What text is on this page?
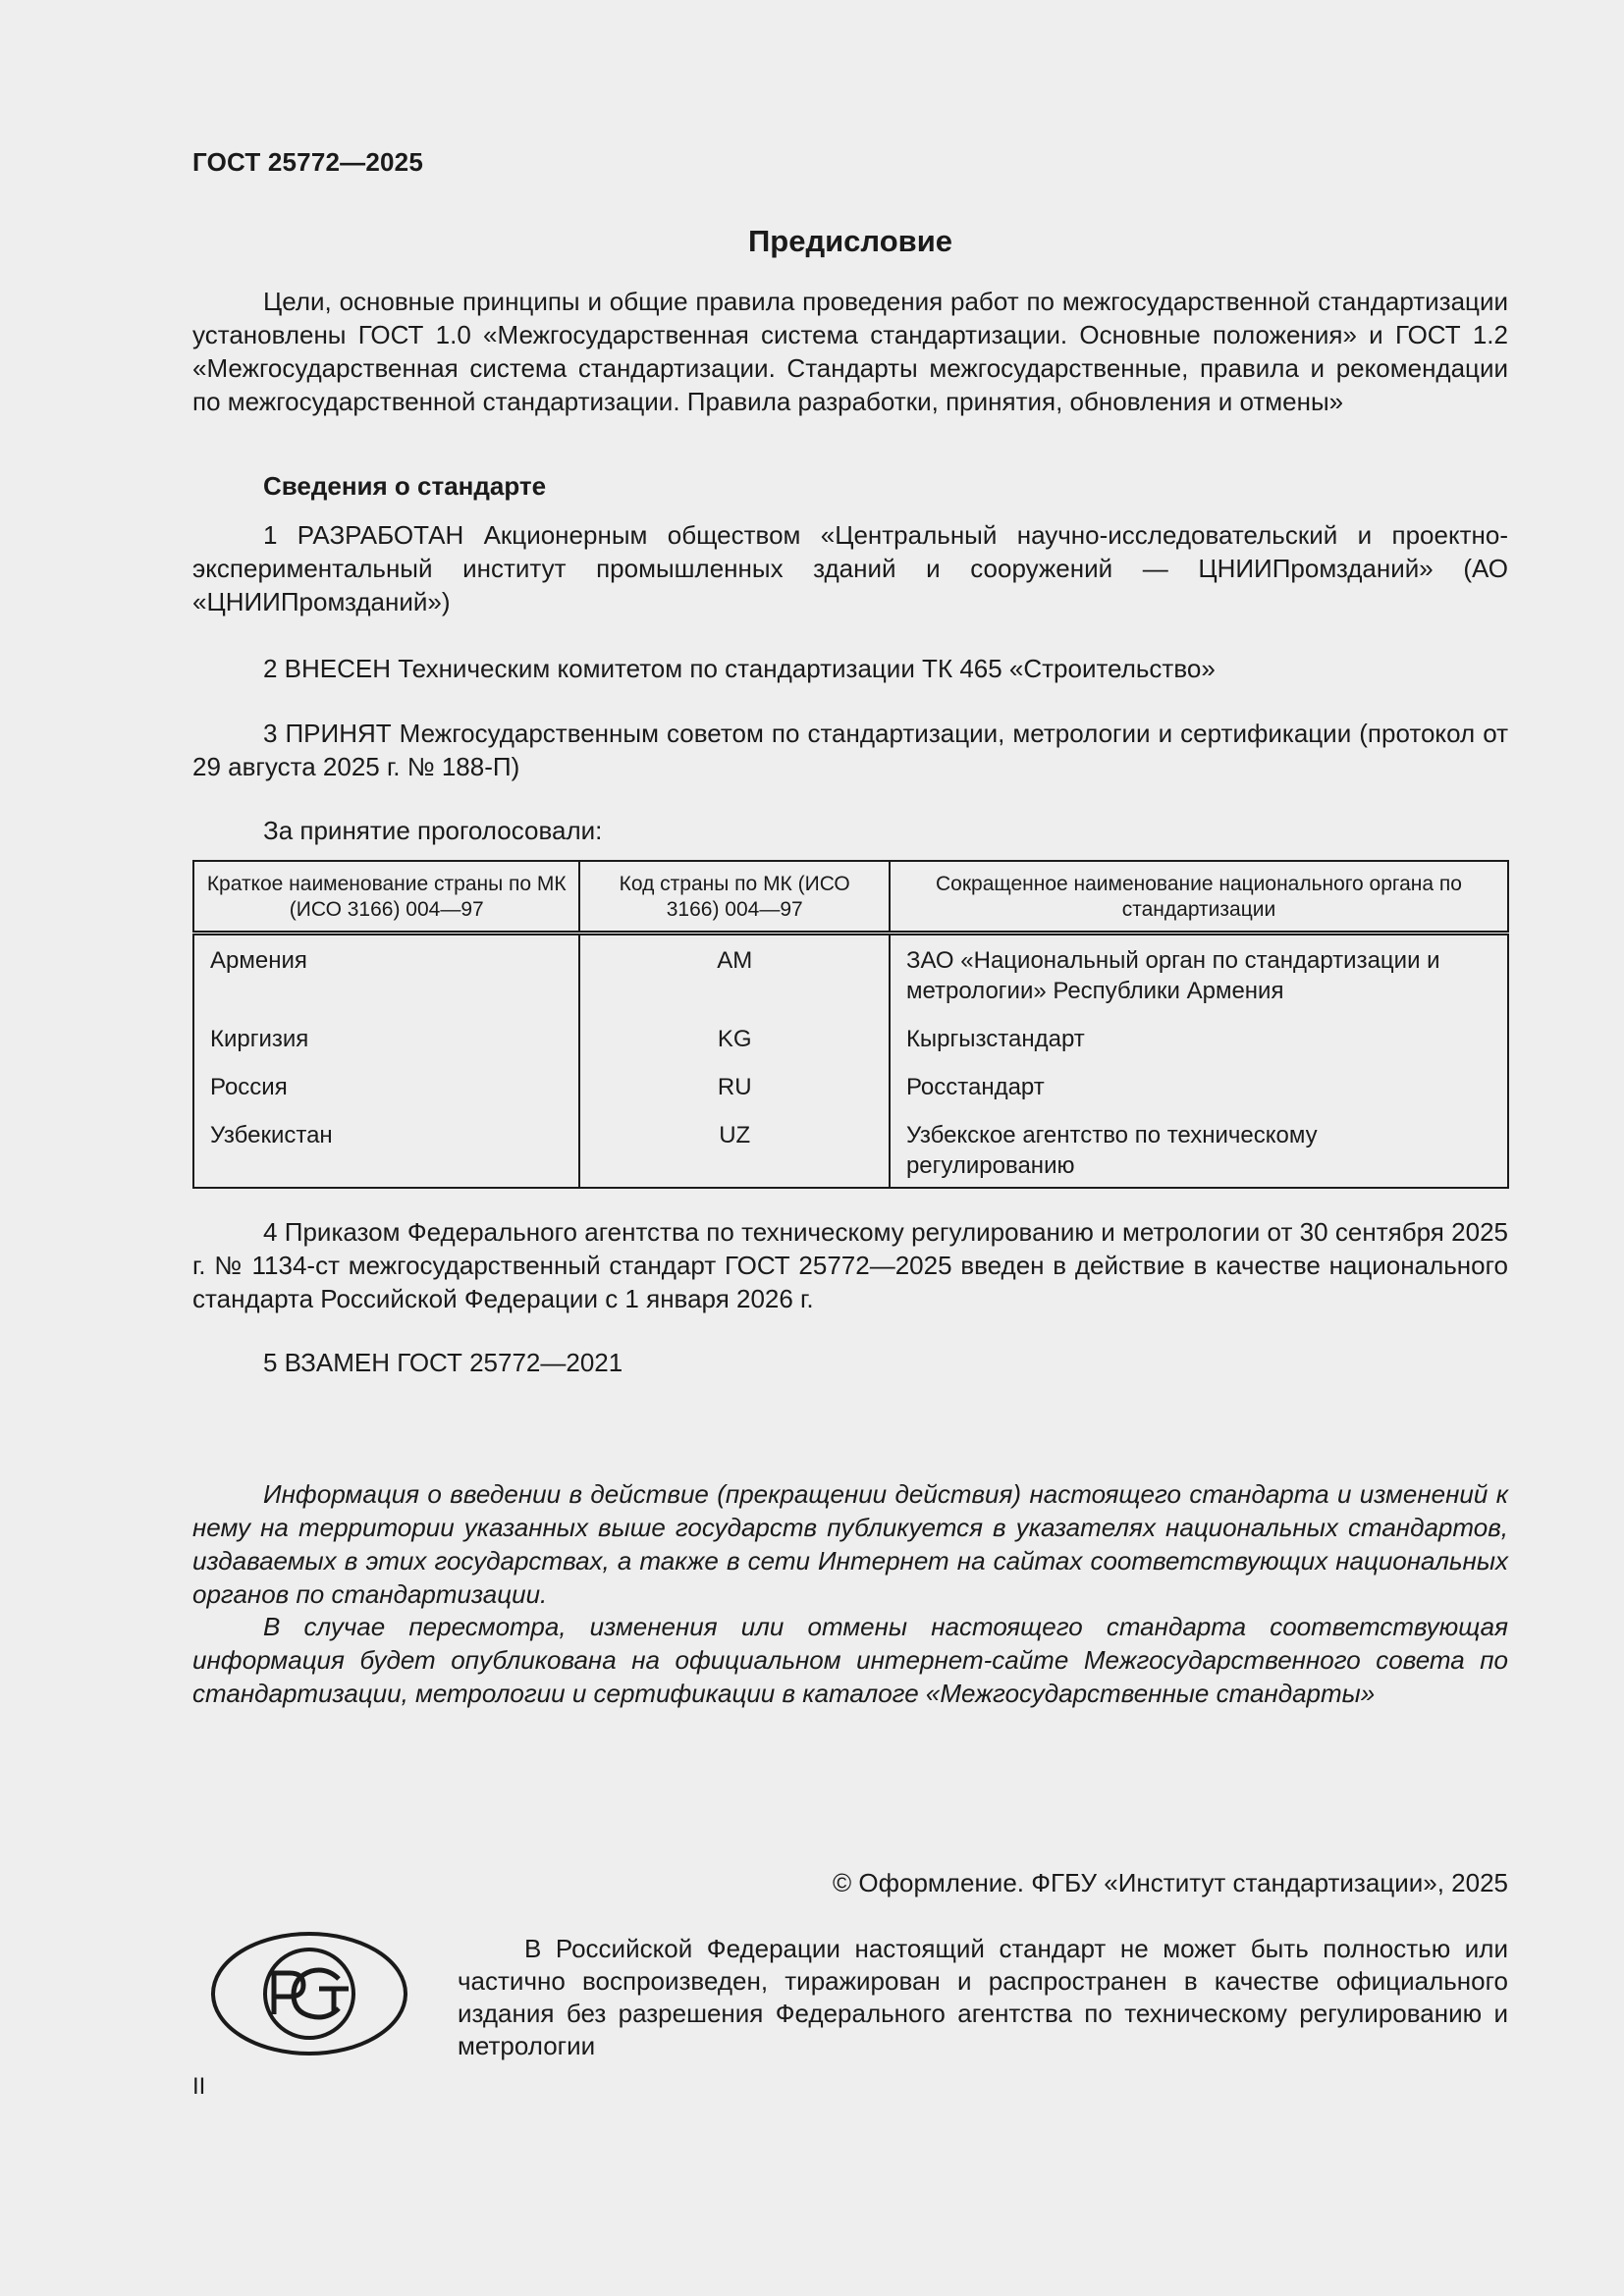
ГОСТ 25772—2025
Предисловие

Цели, основные принципы и общие правила проведения работ по межгосударственной стандартизации установлены ГОСТ 1.0 «Межгосударственная система стандартизации. Основные положения» и ГОСТ 1.2 «Межгосударственная система стандартизации. Стандарты межгосударственные, правила и рекомендации по межгосударственной стандартизации. Правила разработки, принятия, обновления и отмены»

Сведения о стандарте

1 РАЗРАБОТАН Акционерным обществом «Центральный научно-исследовательский и проектно-экспериментальный институт промышленных зданий и сооружений — ЦНИИПромзданий» (АО «ЦНИИПромзданий»)

2 ВНЕСЕН Техническим комитетом по стандартизации ТК 465 «Строительство»

3 ПРИНЯТ Межгосударственным советом по стандартизации, метрологии и сертификации (протокол от 29 августа 2025 г. № 188-П)

За принятие проголосовали:
Краткое наименование страны по МК (ИСО 3166) 004—97	Код страны по МК (ИСО 3166) 004—97	Сокращенное наименование национального органа по стандартизации
Армения	AM	ЗАО «Национальный орган по стандартизации и метрологии» Республики Армения
Киргизия	KG	Кыргызстандарт
Россия	RU	Росстандарт
Узбекистан	UZ	Узбекское агентство по техническому регулированию

4 Приказом Федерального агентства по техническому регулированию и метрологии от 30 сентября 2025 г. № 1134-ст межгосударственный стандарт ГОСТ 25772—2025 введен в действие в качестве национального стандарта Российской Федерации с 1 января 2026 г.

5 ВЗАМЕН ГОСТ 25772—2021

Информация о введении в действие (прекращении действия) настоящего стандарта и изменений к нему на территории указанных выше государств публикуется в указателях национальных стандартов, издаваемых в этих государствах, а также в сети Интернет на сайтах соответствующих национальных органов по стандартизации.

В случае пересмотра, изменения или отмены настоящего стандарта соответствующая информация будет опубликована на официальном интернет-сайте Межгосударственного совета по стандартизации, метрологии и сертификации в каталоге «Межгосударственные стандарты»

© Оформление. ФГБУ «Институт стандартизации», 2025

В Российской Федерации настоящий стандарт не может быть полностью или частично воспроизведен, тиражирован и распространен в качестве официального издания без разрешения Федерального агентства по техническому регулированию и метрологии

II
